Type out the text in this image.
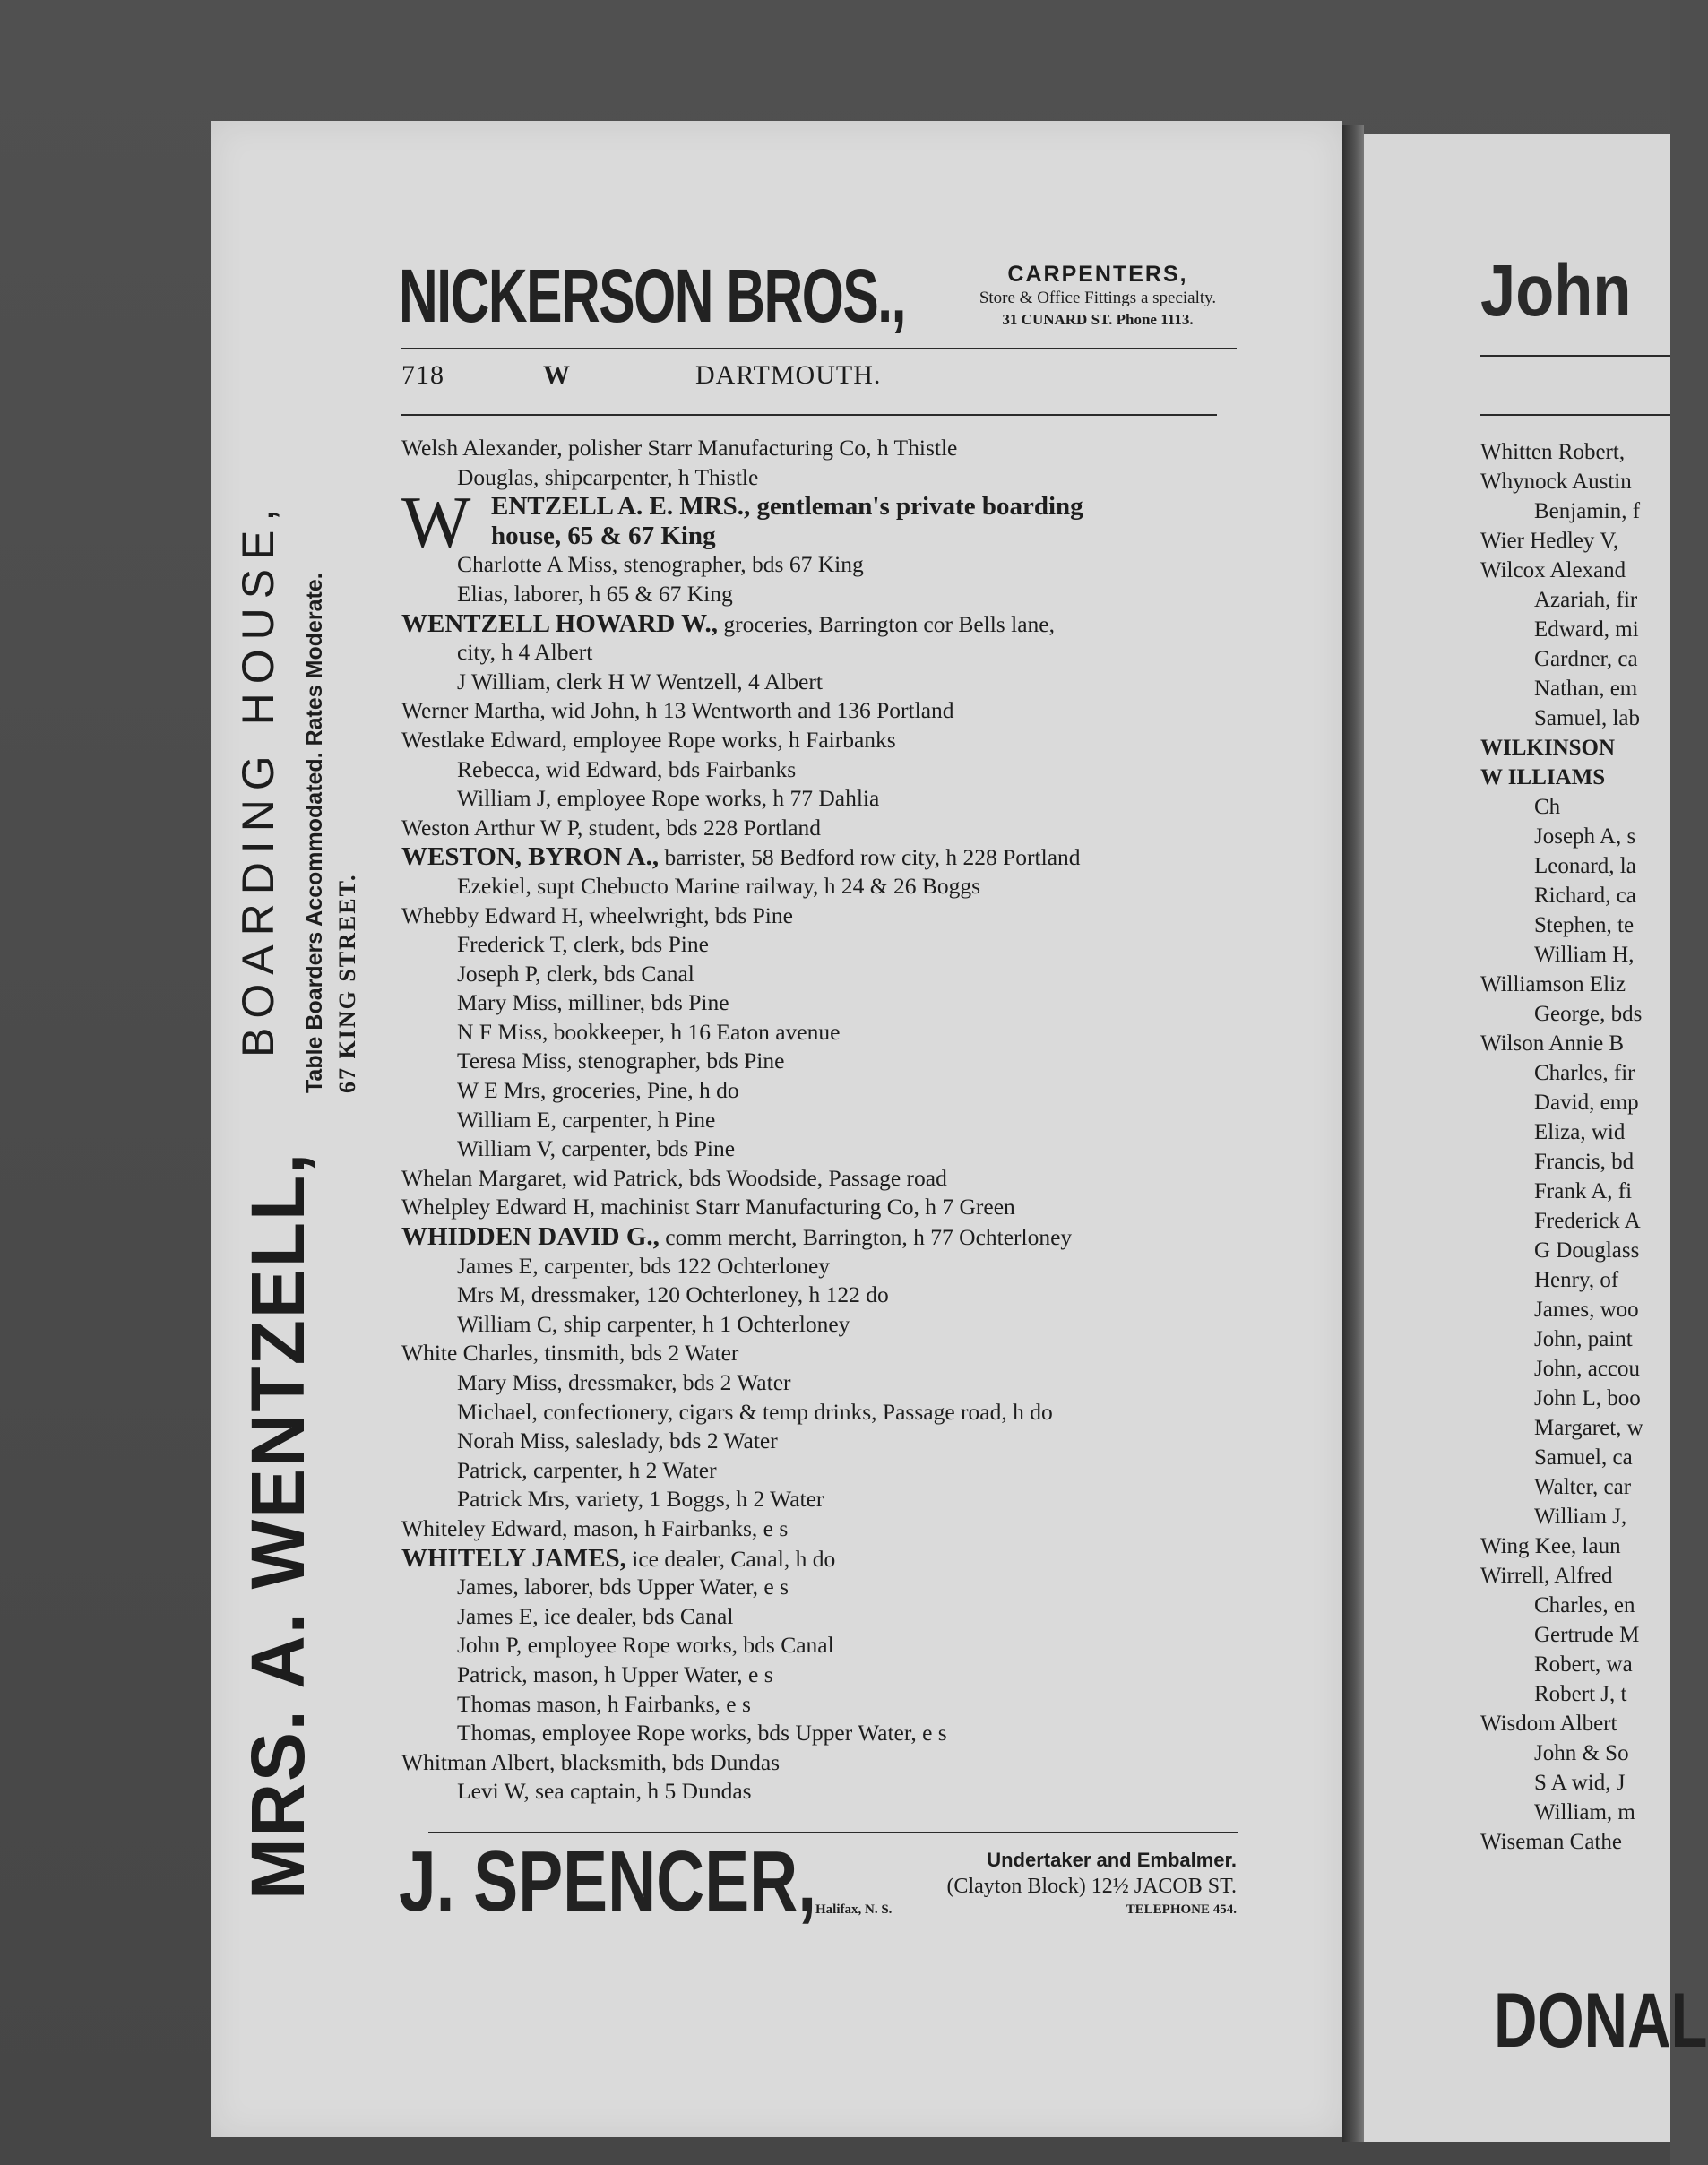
John
Whitten Robert,
Whynock Austin
Benjamin, f
Wier Hedley V,
Wilcox Alexand
Azariah, fir
Edward, mi
Gardner, ca
Nathan, em
Samuel, lab
WILKINSON
W ILLIAMS
Ch
Joseph A, s
Leonard, la
Richard, ca
Stephen, te
William H,
Williamson Eliz
George, bds
Wilson Annie B
Charles, fir
David, emp
Eliza, wid
Francis, bd
Frank A, fi
Frederick A
G Douglass
Henry, of
James, woo
John, paint
John, accou
John L, boo
Margaret, w
Samuel, ca
Walter, car
William J,
Wing Kee, laun
Wirrell, Alfred
Charles, en
Gertrude M
Robert, wa
Robert J, t
Wisdom Albert
John & So
S A wid, J
William, m
Wiseman Cathe
DONAL
NICKERSON BROS.,	CARPENTERS,
Store & Office Fittings a specialty.
31 CUNARD ST. Phone 1113.
718	W	DARTMOUTH.
MRS. A. WENTZELL,
BOARDING HOUSE, Table Boarders Accommodated. Rates Moderate. 67 KING STREET.
W
Welsh Alexander, polisher Starr Manufacturing Co, h Thistle
Douglas, shipcarpenter, h Thistle
ENTZELL A. E. MRS., gentleman's private boarding
house, 65 & 67 King
Charlotte A Miss, stenographer, bds 67 King
Elias, laborer, h 65 & 67 King
WENTZELL HOWARD W., groceries, Barrington cor Bells lane,
city, h 4 Albert
J William, clerk H W Wentzell, 4 Albert
Werner Martha, wid John, h 13 Wentworth and 136 Portland
Westlake Edward, employee Rope works, h Fairbanks
Rebecca, wid Edward, bds Fairbanks
William J, employee Rope works, h 77 Dahlia
Weston Arthur W P, student, bds 228 Portland
WESTON, BYRON A., barrister, 58 Bedford row city, h 228 Portland
Ezekiel, supt Chebucto Marine railway, h 24 & 26 Boggs
Whebby Edward H, wheelwright, bds Pine
Frederick T, clerk, bds Pine
Joseph P, clerk, bds Canal
Mary Miss, milliner, bds Pine
N F Miss, bookkeeper, h 16 Eaton avenue
Teresa Miss, stenographer, bds Pine
W E Mrs, groceries, Pine, h do
William E, carpenter, h Pine
William V, carpenter, bds Pine
Whelan Margaret, wid Patrick, bds Woodside, Passage road
Whelpley Edward H, machinist Starr Manufacturing Co, h 7 Green
WHIDDEN DAVID G., comm mercht, Barrington, h 77 Ochterloney
James E, carpenter, bds 122 Ochterloney
Mrs M, dressmaker, 120 Ochterloney, h 122 do
William C, ship carpenter, h 1 Ochterloney
White Charles, tinsmith, bds 2 Water
Mary Miss, dressmaker, bds 2 Water
Michael, confectionery, cigars & temp drinks, Passage road, h do
Norah Miss, saleslady, bds 2 Water
Patrick, carpenter, h 2 Water
Patrick Mrs, variety, 1 Boggs, h 2 Water
Whiteley Edward, mason, h Fairbanks, e s
WHITELY JAMES, ice dealer, Canal, h do
James, laborer, bds Upper Water, e s
James E, ice dealer, bds Canal
John P, employee Rope works, bds Canal
Patrick, mason, h Upper Water, e s
Thomas mason, h Fairbanks, e s
Thomas, employee Rope works, bds Upper Water, e s
Whitman Albert, blacksmith, bds Dundas
Levi W, sea captain, h 5 Dundas
J. SPENCER,	Undertaker and Embalmer.
(Clayton Block) 12½ JACOB ST.
Halifax, N. S.	TELEPHONE 454.
